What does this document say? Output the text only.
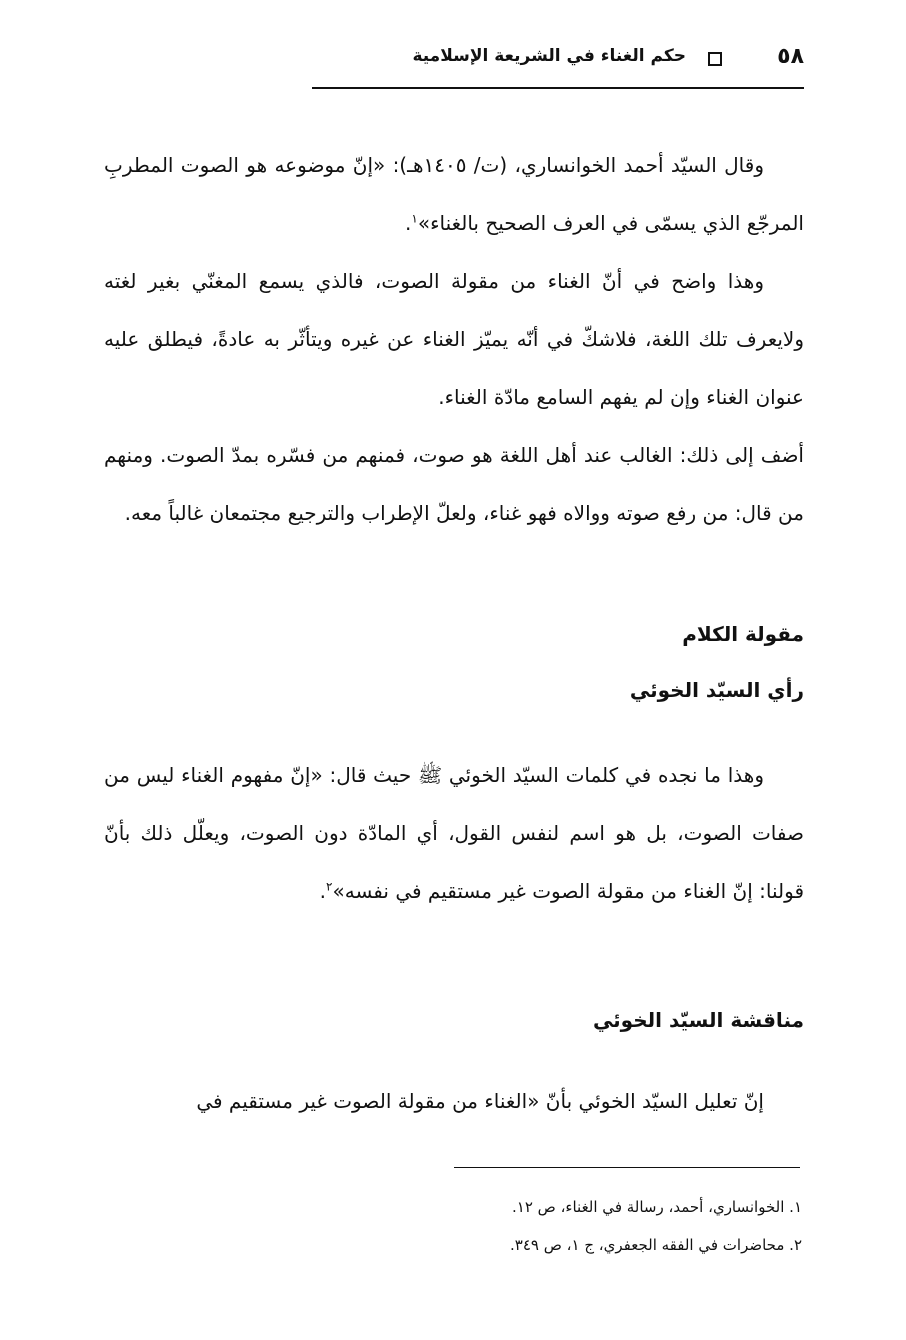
٥٨
حكم الغناء في الشريعة الإسلامية

وقال السيّد أحمد الخوانساري، (ت/ ١٤٠٥هـ): «إنّ موضوعه هو الصوت المطربِ المرجّع الذي يسمّى في العرف الصحيح بالغناء»$^١$.

وهذا واضح في أنّ الغناء من مقولة الصوت، فالذي يسمع المغنّي بغير لغته ولايعرف تلك اللغة، فلاشكّ في أنّه يميّز الغناء عن غيره ويتأثّر به عادةً، فيطلق عليه عنوان الغناء وإن لم يفهم السامع مادّة الغناء.

أضف إلى ذلك: الغالب عند أهل اللغة هو صوت، فمنهم من فسّره بمدّ الصوت. ومنهم من قال: من رفع صوته ووالاه فهو غناء، ولعلّ الإطراب والترجيع مجتمعان غالباً معه.

مقولة الكلام
رأي السيّد الخوئي

وهذا ما نجده في كلمات السيّد الخوئي ﷺ حيث قال: «إنّ مفهوم الغناء ليس من صفات الصوت، بل هو اسم لنفس القول، أي المادّة دون الصوت، ويعلّل ذلك بأنّ قولنا: إنّ الغناء من مقولة الصوت غير مستقيم في نفسه»$^٢$.

مناقشة السيّد الخوئي

إنّ تعليل السيّد الخوئي بأنّ «الغناء من مقولة الصوت غير مستقيم في

١. الخوانساري، أحمد، رسالة في الغناء، ص ١٢.
٢. محاضرات في الفقه الجعفري، ج ١، ص ٣٤٩.
